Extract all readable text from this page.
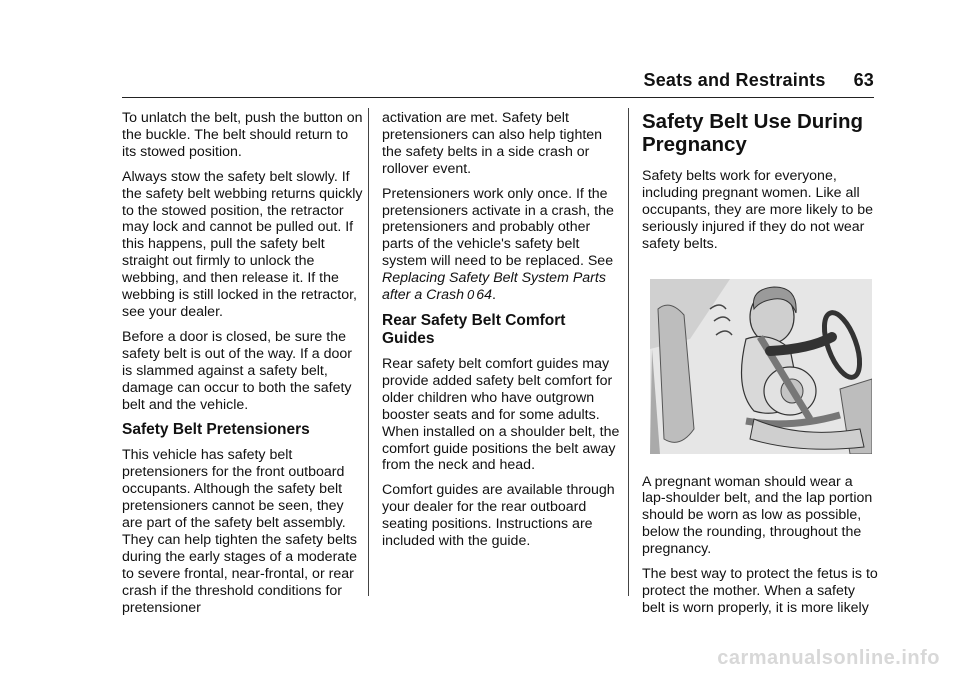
Seats and Restraints 63

To unlatch the belt, push the button on the buckle. The belt should return to its stowed position.

Always stow the safety belt slowly. If the safety belt webbing returns quickly to the stowed position, the retractor may lock and cannot be pulled out. If this happens, pull the safety belt straight out firmly to unlock the webbing, and then release it. If the webbing is still locked in the retractor, see your dealer.

Before a door is closed, be sure the safety belt is out of the way. If a door is slammed against a safety belt, damage can occur to both the safety belt and the vehicle.

Safety Belt Pretensioners

This vehicle has safety belt pretensioners for the front outboard occupants. Although the safety belt pretensioners cannot be seen, they are part of the safety belt assembly. They can help tighten the safety belts during the early stages of a moderate to severe frontal, near-frontal, or rear crash if the threshold conditions for pretensioner

activation are met. Safety belt pretensioners can also help tighten the safety belts in a side crash or rollover event.

Pretensioners work only once. If the pretensioners activate in a crash, the pretensioners and probably other parts of the vehicle's safety belt system will need to be replaced. See Replacing Safety Belt System Parts after a Crash 0 64.

Rear Safety Belt Comfort Guides

Rear safety belt comfort guides may provide added safety belt comfort for older children who have outgrown booster seats and for some adults. When installed on a shoulder belt, the comfort guide positions the belt away from the neck and head.

Comfort guides are available through your dealer for the rear outboard seating positions. Instructions are included with the guide.

Safety Belt Use During Pregnancy

Safety belts work for everyone, including pregnant women. Like all occupants, they are more likely to be seriously injured if they do not wear safety belts.

A pregnant woman should wear a lap-shoulder belt, and the lap portion should be worn as low as possible, below the rounding, throughout the pregnancy.

The best way to protect the fetus is to protect the mother. When a safety belt is worn properly, it is more likely

carmanualsonline.info
